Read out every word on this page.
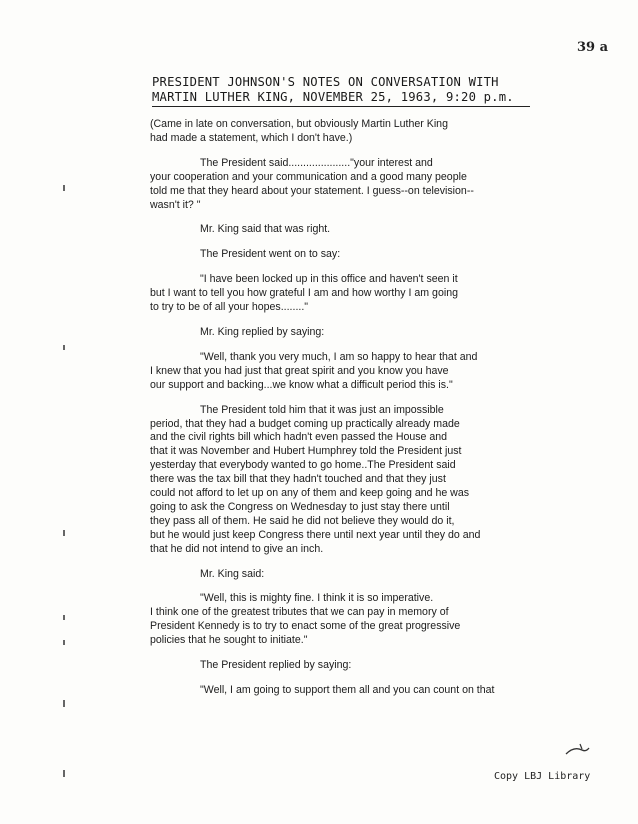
39 a
PRESIDENT JOHNSON'S NOTES ON CONVERSATION WITH
MARTIN LUTHER KING, NOVEMBER 25, 1963, 9:20 p.m.

(Came in late on conversation, but obviously Martin Luther King
had made a statement, which I don't have.)

The President said....................."your interest and
your cooperation and your communication and a good many people
told me that they heard about your statement. I guess--on television--
wasn't it? "

Mr. King said that was right.

The President went on to say:

"I have been locked up in this office and haven't seen it
but I want to tell you how grateful I am and how worthy I am going
to try to be of all your hopes........"

Mr. King replied by saying:

"Well, thank you very much, I am so happy to hear that and
I knew that you had just that great spirit and you know you have
our support and backing...we know what a difficult period this is."

The President told him that it was just an impossible
period, that they had a budget coming up practically already made
and the civil rights bill which hadn't even passed the House and
that it was November and Hubert Humphrey told the President just
yesterday that everybody wanted to go home..The President said
there was the tax bill that they hadn't touched and that they just
could not afford to let up on any of them and keep going and he was
going to ask the Congress on Wednesday to just stay there until
they pass all of them. He said he did not believe they would do it,
but he would just keep Congress there until next year until they do and
that he did not intend to give an inch.

Mr. King said:

"Well, this is mighty fine. I think it is so imperative.
I think one of the greatest tributes that we can pay in memory of
President Kennedy is to try to enact some of the great progressive
policies that he sought to initiate."

The President replied by saying:

"Well, I am going to support them all and you can count on that

Copy LBJ Library
